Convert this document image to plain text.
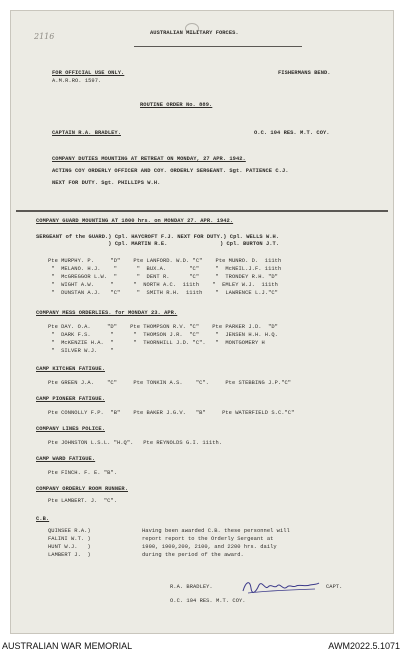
2116	AUSTRALIAN MILITARY FORCES.
FOR OFFICIAL USE ONLY.	FISHERMANS BEND.
A.M.R.RO. 1597.
ROUTINE ORDER No. 889.
CAPTAIN R.A. BRADLEY.	O.C. 104 RES. M.T. COY.
COMPANY DUTIES MOUNTING AT RETREAT ON MONDAY, 27 APR. 1942.
ACTING COY ORDERLY OFFICER AND COY. ORDERLY SERGEANT. Sgt. PATIENCE C.J.
NEXT FOR DUTY. Sgt. PHILLIPS W.H.
COMPANY GUARD MOUNTING AT 1800 hrs. on MONDAY 27. APR. 1942.
SERGEANT of the GUARD.) Cpl. HAYCROFT F.J. NEXT FOR DUTY.) Cpl. WELLS W.H.
) Cpl. MARTIN R.E.                ) Cpl. BURTON J.T.
Pte MURPHY. P.     "D"    Pte LANFORD. W.D. "C"    Pte MUNRO. D.  111th
"  MELANO. H.J.    "      "  BUX.A.       "C"     "  McNEIL.J.F. 111th
"  McGREGGOR L.W.  "      "  DENT R.      "C"     "  TRONDEY R.H. "D"
"  WIGHT A.W.     "      "  NORTH A.C.  111th    "  EMLEY W.J.  111th
"  DUNSTAN A.J.   "C"     "  SMITH R.H.  111th    "  LAWRENCE L.J."C"
COMPANY MESS ORDERLIES. for MONDAY 23. APR.
Pte DAY. O.A.     "D"    Pte THOMPSON R.V. "C"    Pte PARKER J.D.  "D"
"  DARK F.S.      "      "  THOMSON J.R.  "C"     "  JENSEN H.H. H.Q.
"  McKENZIE H.A.  "      "  THORNHILL J.D. "C".   "  MONTGOMERY H
"  SILVER W.J.    "
CAMP KITCHEN FATIGUE.
Pte GREEN J.A.    "C"     Pte TONKIN A.S.    "C".     Pte STEBBING J.P."C"
CAMP PIONEER FATIGUE.
Pte CONNOLLY F.P.  "B"    Pte BAKER J.G.V.   "B"     Pte WATERFIELD S.C."C"
COMPANY LINES POLICE.
Pte JOHNSTON L.S.L. "H.Q".   Pte REYNOLDS G.I. 111th.
CAMP WARD FATIGUE.
Pte FINCH. F. E. "B".
COMPANY ORDERLY ROOM RUNNER.
Pte LAMBERT. J.  "C".
C.B.
QUINSEE R.A.)
FALINI W.T. )
HUNT W.J.   )
LAMBERT J.  )
Having been awarded C.B. these personnel will
report report to the Orderly Sergeant at
1900, 1900,200, 2100, and 2200 hrs. daily
during the period of the award.
R.A. BRADLEY.	CAPT.
O.C. 104 RES. M.T. COY.
AUSTRALIAN WAR MEMORIAL	AWM2022.5.1071
